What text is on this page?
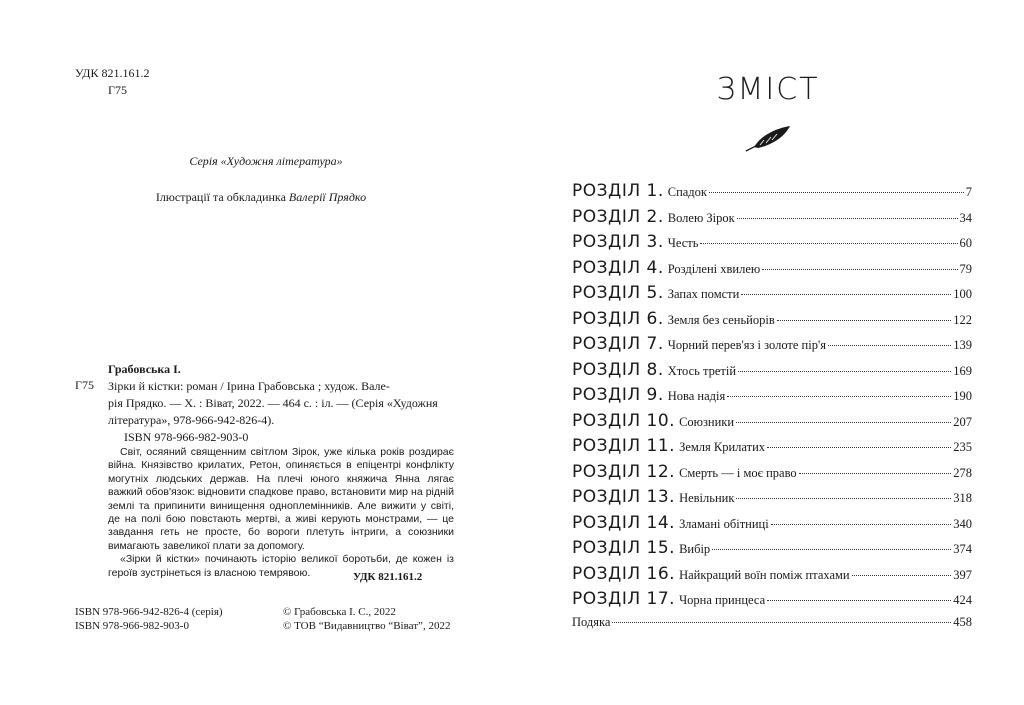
УДК 821.161.2
Г75
Серія «Художня література»
Ілюстрації та обкладинка Валерії Прядко
Грабовська І.
Г75 Зірки й кістки: роман / Ірина Грабовська ; худож. Вале-

рія Прядко. — Х. : Віват, 2022. — 464 с. : іл. — (Серія «Художня

література», 978-966-942-826-4).

ISBN 978-966-982-903-0

Світ, осяяний священним світлом Зірок, уже кілька років роздирає війна. Князівство крилатих, Ретон, опиняється в епіцентрі конфлікту могутніх людських держав. На плечі юного княжича Янна лягає важкий обов'язок: відновити спадкове право, встановити мир на рідній землі та припинити винищення одноплемінників. Але вижити у світі, де на полі бою повстають мертві, а живі керують монстрами, — це завдання геть не просте, бо вороги плетуть інтриги, а союзники вимагають завеликої плати за допомогу.

«Зірки й кістки» починають історію великої боротьби, де кожен із героїв зустрінеться із власною темрявою.	УДК 821.161.2
ISBN 978-966-942-826-4 (серія)
ISBN 978-966-982-903-0
© Грабовська І. С., 2022
© ТОВ “Видавництво “Віват”, 2022
ЗМІСТ
РОЗДІЛ 1. Спадок	7
РОЗДІЛ 2. Волею Зірок	34
РОЗДІЛ 3. Честь	60
РОЗДІЛ 4. Розділені хвилею	79
РОЗДІЛ 5. Запах помсти	100
РОЗДІЛ 6. Земля без сеньйорів	122
РОЗДІЛ 7. Чорний перев'яз і золоте пір'я	139
РОЗДІЛ 8. Хтось третій	169
РОЗДІЛ 9. Нова надія	190
РОЗДІЛ 10. Союзники	207
РОЗДІЛ 11. Земля Крилатих	235
РОЗДІЛ 12. Смерть — і моє право	278
РОЗДІЛ 13. Невільник	318
РОЗДІЛ 14. Зламані обітниці	340
РОЗДІЛ 15. Вибір	374
РОЗДІЛ 16. Найкращий воїн поміж птахами	397
РОЗДІЛ 17. Чорна принцеса	424
Подяка	458
